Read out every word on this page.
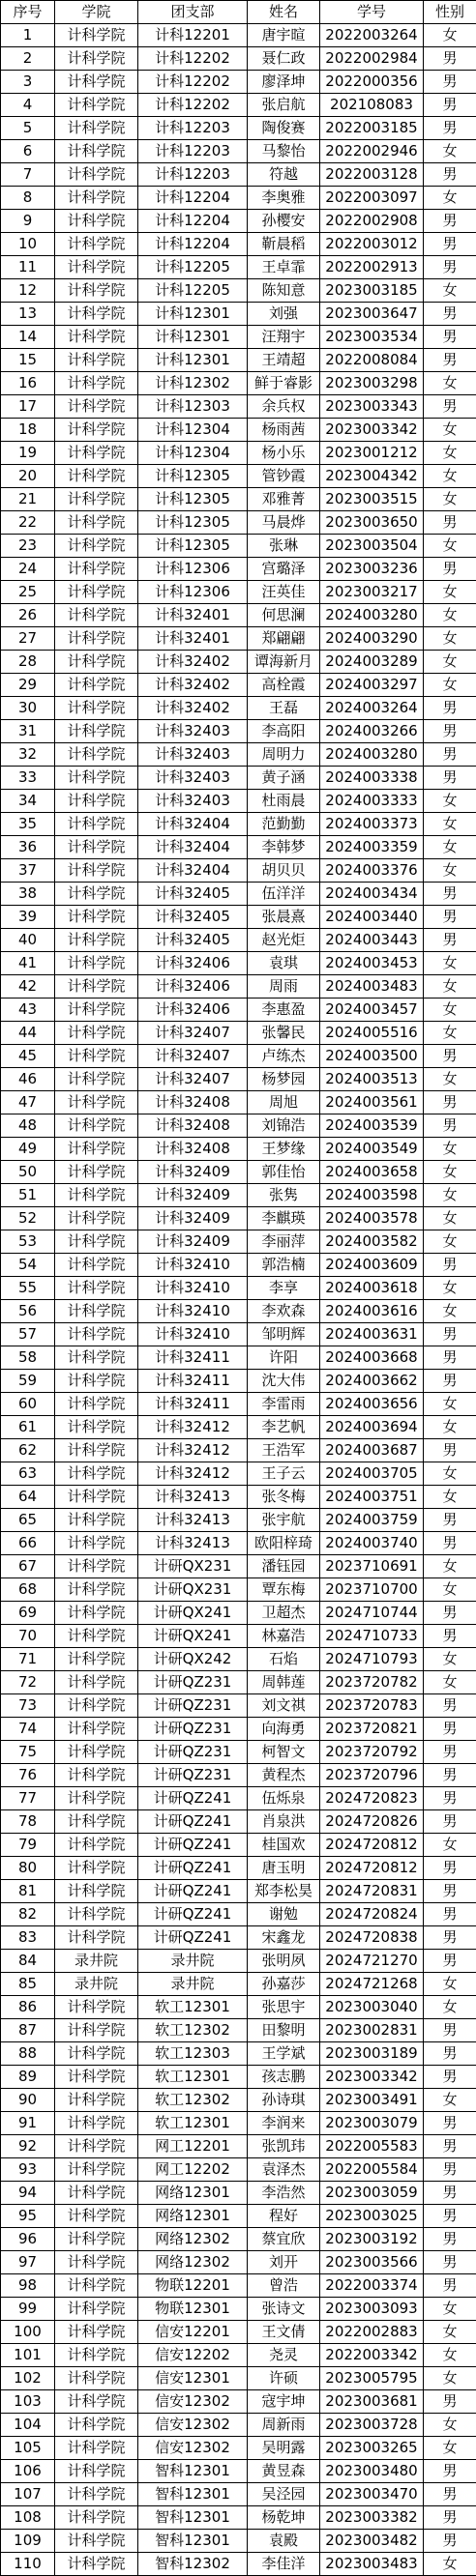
序号	学院	团支部	姓名	学号	性别
1	计科学院	计科12201	唐宇暄	2022003264	女
2	计科学院	计科12202	聂仁政	2022002984	男
3	计科学院	计科12202	廖泽坤	2022000356	男
4	计科学院	计科12202	张启航	202108083	男
5	计科学院	计科12203	陶俊赛	2022003185	男
6	计科学院	计科12203	马黎怡	2022002946	女
7	计科学院	计科12203	符越	2022003128	男
8	计科学院	计科12204	李奥雅	2022003097	女
9	计科学院	计科12204	孙樱安	2022002908	男
10	计科学院	计科12204	靳晨稻	2022003012	男
11	计科学院	计科12205	王卓霏	2022002913	男
12	计科学院	计科12205	陈知意	2023003185	女
13	计科学院	计科12301	刘强	2023003647	男
14	计科学院	计科12301	汪翔宇	2023003534	男
15	计科学院	计科12301	王靖超	2022008084	男
16	计科学院	计科12302	鲜于睿影	2023003298	女
17	计科学院	计科12303	余兵权	2023003343	男
18	计科学院	计科12304	杨雨茜	2023003342	女
19	计科学院	计科12304	杨小乐	2023001212	女
20	计科学院	计科12305	管钞霞	2023004342	女
21	计科学院	计科12305	邓雅菁	2023003515	女
22	计科学院	计科12305	马晨烨	2023003650	男
23	计科学院	计科12305	张琳	2023003504	女
24	计科学院	计科12306	宫璐泽	2023003236	男
25	计科学院	计科12306	汪英佳	2023003217	女
26	计科学院	计科32401	何思澜	2024003280	女
27	计科学院	计科32401	郑翩翩	2024003290	女
28	计科学院	计科32402	谭海新月	2024003289	女
29	计科学院	计科32402	高栓霞	2024003297	女
30	计科学院	计科32402	王磊	2024003264	男
31	计科学院	计科32403	李高阳	2024003266	男
32	计科学院	计科32403	周明力	2024003280	男
33	计科学院	计科32403	黄子涵	2024003338	男
34	计科学院	计科32403	杜雨晨	2024003333	女
35	计科学院	计科32404	范勤勤	2024003373	女
36	计科学院	计科32404	李韩梦	2024003359	女
37	计科学院	计科32404	胡贝贝	2024003376	女
38	计科学院	计科32405	伍洋洋	2024003434	男
39	计科学院	计科32405	张晨熹	2024003440	男
40	计科学院	计科32405	赵光炬	2024003443	男
41	计科学院	计科32406	袁琪	2024003453	女
42	计科学院	计科32406	周雨	2024003483	女
43	计科学院	计科32406	李惠盈	2024003457	女
44	计科学院	计科32407	张馨民	2024005516	女
45	计科学院	计科32407	卢练杰	2024003500	男
46	计科学院	计科32407	杨梦园	2024003513	女
47	计科学院	计科32408	周旭	2024003561	男
48	计科学院	计科32408	刘锦浩	2024003539	男
49	计科学院	计科32408	王梦缘	2024003549	女
50	计科学院	计科32409	郭佳怡	2024003658	女
51	计科学院	计科32409	张隽	2024003598	女
52	计科学院	计科32409	李麒瑛	2024003578	女
53	计科学院	计科32409	李丽萍	2024003582	女
54	计科学院	计科32410	郭浩楠	2024003609	男
55	计科学院	计科32410	李享	2024003618	女
56	计科学院	计科32410	李欢森	2024003616	女
57	计科学院	计科32410	邹明辉	2024003631	男
58	计科学院	计科32411	许阳	2024003668	男
59	计科学院	计科32411	沈大伟	2024003662	男
60	计科学院	计科32411	李雷雨	2024003656	女
61	计科学院	计科32412	李艺帆	2024003694	女
62	计科学院	计科32412	王浩军	2024003687	男
63	计科学院	计科32412	王子云	2024003705	女
64	计科学院	计科32413	张冬梅	2024003751	女
65	计科学院	计科32413	张宇航	2024003759	男
66	计科学院	计科32413	欧阳梓琦	2024003740	男
67	计科学院	计研QX231	潘钰园	2023710691	女
68	计科学院	计研QX231	覃东梅	2023710700	女
69	计科学院	计研QX241	卫超杰	2024710744	男
70	计科学院	计研QX241	林嘉浩	2024710733	男
71	计科学院	计研QX242	石焰	2024710793	女
72	计科学院	计研QZ231	周韩莲	2023720782	女
73	计科学院	计研QZ231	刘文祺	2023720783	男
74	计科学院	计研QZ231	向海勇	2023720821	男
75	计科学院	计研QZ231	柯智文	2023720792	男
76	计科学院	计研QZ231	黄程杰	2023720796	男
77	计科学院	计研QZ241	伍烁泉	2024720823	男
78	计科学院	计研QZ241	肖泉洪	2024720826	男
79	计科学院	计研QZ241	桂国欢	2024720812	女
80	计科学院	计研QZ241	唐玉明	2024720812	男
81	计科学院	计研QZ241	郑李松昊	2024720831	男
82	计科学院	计研QZ241	谢勉	2024720824	男
83	计科学院	计研QZ241	宋鑫龙	2024720838	男
84	录井院	录井院	张明夙	2024721270	男
85	录井院	录井院	孙嘉莎	2024721268	女
86	计科学院	软工12301	张思宇	2023003040	女
87	计科学院	软工12302	田黎明	2023002831	男
88	计科学院	软工12303	王学斌	2023003189	男
89	计科学院	软工12301	孩志鹏	2023003342	男
90	计科学院	软工12302	孙诗琪	2023003491	女
91	计科学院	软工12301	李润来	2023003079	男
92	计科学院	网工12201	张凯玮	2022005583	男
93	计科学院	网工12202	袁泽杰	2022005584	男
94	计科学院	网络12301	李浩然	2023003059	男
95	计科学院	网络12301	程好	2023003025	男
96	计科学院	网络12302	蔡宜欣	2023003192	男
97	计科学院	网络12302	刘开	2023003566	男
98	计科学院	物联12201	曾浩	2022003374	男
99	计科学院	物联12301	张诗文	2023003093	女
100	计科学院	信安12201	王文倩	2022002883	女
101	计科学院	信安12202	尧灵	2022003342	女
102	计科学院	信安12301	许硕	2023005795	女
103	计科学院	信安12302	寇宇坤	2023003681	男
104	计科学院	信安12302	周新雨	2023003728	女
105	计科学院	信安12302	吴明露	2023003265	女
106	计科学院	智科12301	黄昱森	2023003480	男
107	计科学院	智科12301	吴泾园	2023003470	男
108	计科学院	智科12301	杨乾坤	2023003382	男
109	计科学院	智科12301	袁殿	2023003482	男
110	计科学院	智科12302	李佳洋	2023003483	女
